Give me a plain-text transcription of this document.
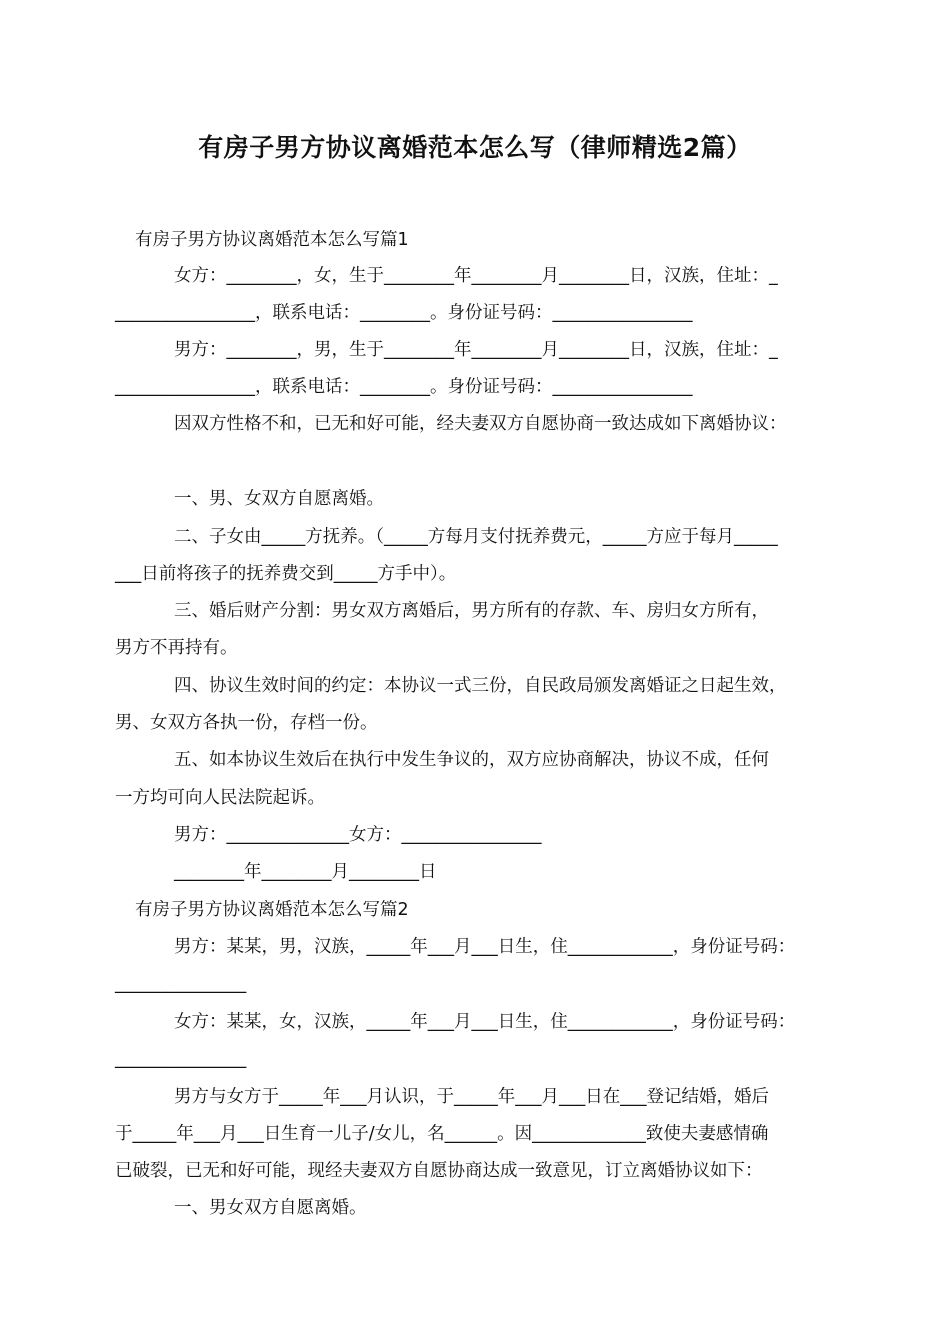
有房子男方协议离婚范本怎么写（律师精选2篇）
有房子男方协议离婚范本怎么写篇1
女方：________，女，生于________年________月________日，汉族，住址：_
________________，联系电话：________。身份证号码：________________
男方：________，男，生于________年________月________日，汉族，住址：_
________________，联系电话：________。身份证号码：________________
因双方性格不和，已无和好可能，经夫妻双方自愿协商一致达成如下离婚协议：
一、男、女双方自愿离婚。
二、子女由_____方抚养。（_____方每月支付抚养费元，_____方应于每月_____
___日前将孩子的抚养费交到_____方手中）。
三、婚后财产分割：男女双方离婚后，男方所有的存款、车、房归女方所有，
男方不再持有。
四、协议生效时间的约定：本协议一式三份，自民政局颁发离婚证之日起生效，
男、女双方各执一份，存档一份。
五、如本协议生效后在执行中发生争议的，双方应协商解决，协议不成，任何
一方均可向人民法院起诉。
男方：______________女方：________________
________年________月________日
有房子男方协议离婚范本怎么写篇2
男方：某某，男，汉族，_____年___月___日生，住____________，身份证号码：
_______________
女方：某某，女，汉族，_____年___月___日生，住____________，身份证号码：
_______________
男方与女方于_____年___月认识，于_____年___月___日在___登记结婚，婚后
于_____年___月___日生育一儿子/女儿，名______。因_____________致使夫妻感情确
已破裂，已无和好可能，现经夫妻双方自愿协商达成一致意见，订立离婚协议如下：
一、男女双方自愿离婚。
